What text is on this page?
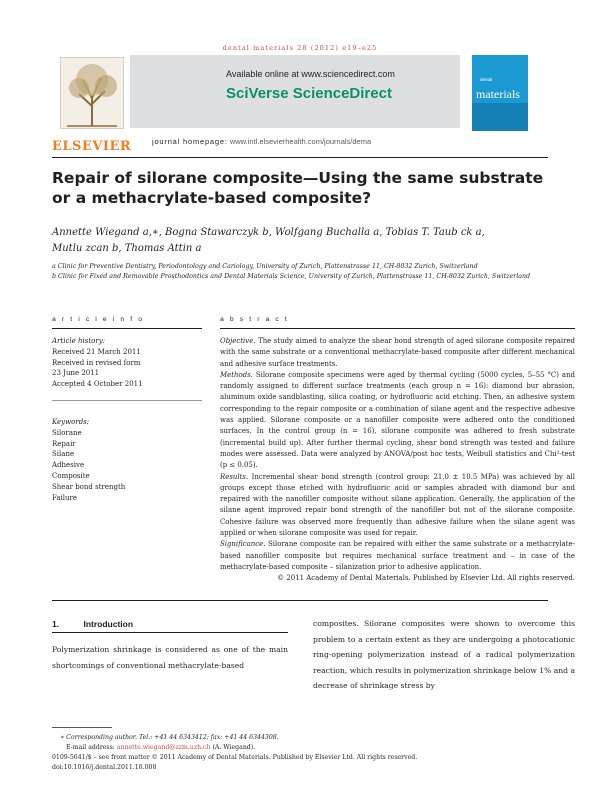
dental materials 28 (2012) e19–e25
ELSEVIER
Available online at www.sciencedirect.com
SciVerse ScienceDirect
journal homepage: www.intl.elsevierhealth.com/journals/dema
dental
materials
Repair of silorane composite—Using the same substrate or a methacrylate-based composite?
Annette Wiegand a,∗, Bogna Stawarczyk b, Wolfgang Buchalla a, Tobias T. Taub ck a,
Mutlu zcan b, Thomas Attin a
a Clinic for Preventive Dentistry, Periodontology and Cariology, University of Zurich, Plattenstrasse 11, CH-8032 Zurich, Switzerland
b Clinic for Fixed and Removable Prosthodontics and Dental Materials Science, University of Zurich, Plattenstrasse 11, CH-8032 Zurich, Switzerland
a r t i c l e i n f o	a b s t r a c t
Article history:
Received 21 March 2011
Received in revised form
23 June 2011
Accepted 4 October 2011
Keywords:
Silorane
Repair
Silane
Adhesive
Composite
Shear bond strength
Failure

Objective. The study aimed to analyze the shear bond strength of aged silorane composite repaired with the same substrate or a conventional methacrylate-based composite after different mechanical and adhesive surface treatments.

Methods. Silorane composite specimens were aged by thermal cycling (5000 cycles, 5–55 °C) and randomly assigned to different surface treatments (each group n = 16): diamond bur abrasion, aluminum oxide sandblasting, silica coating, or hydrofluoric acid etching. Then, an adhesive system corresponding to the repair composite or a combination of silane agent and the respective adhesive was applied. Silorane composite or a nanofiller composite were adhered onto the conditioned surfaces. In the control group (n = 16), silorane composite was adhered to fresh substrate (incremental build up). After further thermal cycling, shear bond strength was tested and failure modes were assessed. Data were analyzed by ANOVA/post hoc tests, Weibull statistics and Chi²-test (p ≤ 0.05).

Results. Incremental shear bond strength (control group: 21.0 ± 10.5 MPa) was achieved by all groups except those etched with hydrofluoric acid or samples abraded with diamond bur and repaired with the nanofiller composite without silane application. Generally, the application of the silane agent improved repair bond strength of the nanofiller but not of the silorane composite. Cohesive failure was observed more frequently than adhesive failure when the silane agent was applied or when silorane composite was used for repair.

Significance. Silorane composite can be repaired with either the same substrate or a methacrylate-based nanofiller composite but requires mechanical surface treatment and – in case of the methacrylate-based composite – silanization prior to adhesive application.

© 2011 Academy of Dental Materials. Published by Elsevier Ltd. All rights reserved.

1.	Introduction
Polymerization shrinkage is considered as one of the main shortcomings of conventional methacrylate-based
composites. Silorane composites were shown to overcome this problem to a certain extent as they are undergoing a photocationic ring-opening polymerization instead of a radical polymerization reaction, which results in polymerization shrinkage below 1% and a decrease of shrinkage stress by
∗ Corresponding author. Tel.: +41 44 6343412; fax: +41 44 6344308.
E-mail address: annette.wiegand@zzm.uzh.ch (A. Wiegand).
0109-5641/$ – see front matter © 2011 Academy of Dental Materials. Published by Elsevier Ltd. All rights reserved.
doi:10.1016/j.dental.2011.10.008
